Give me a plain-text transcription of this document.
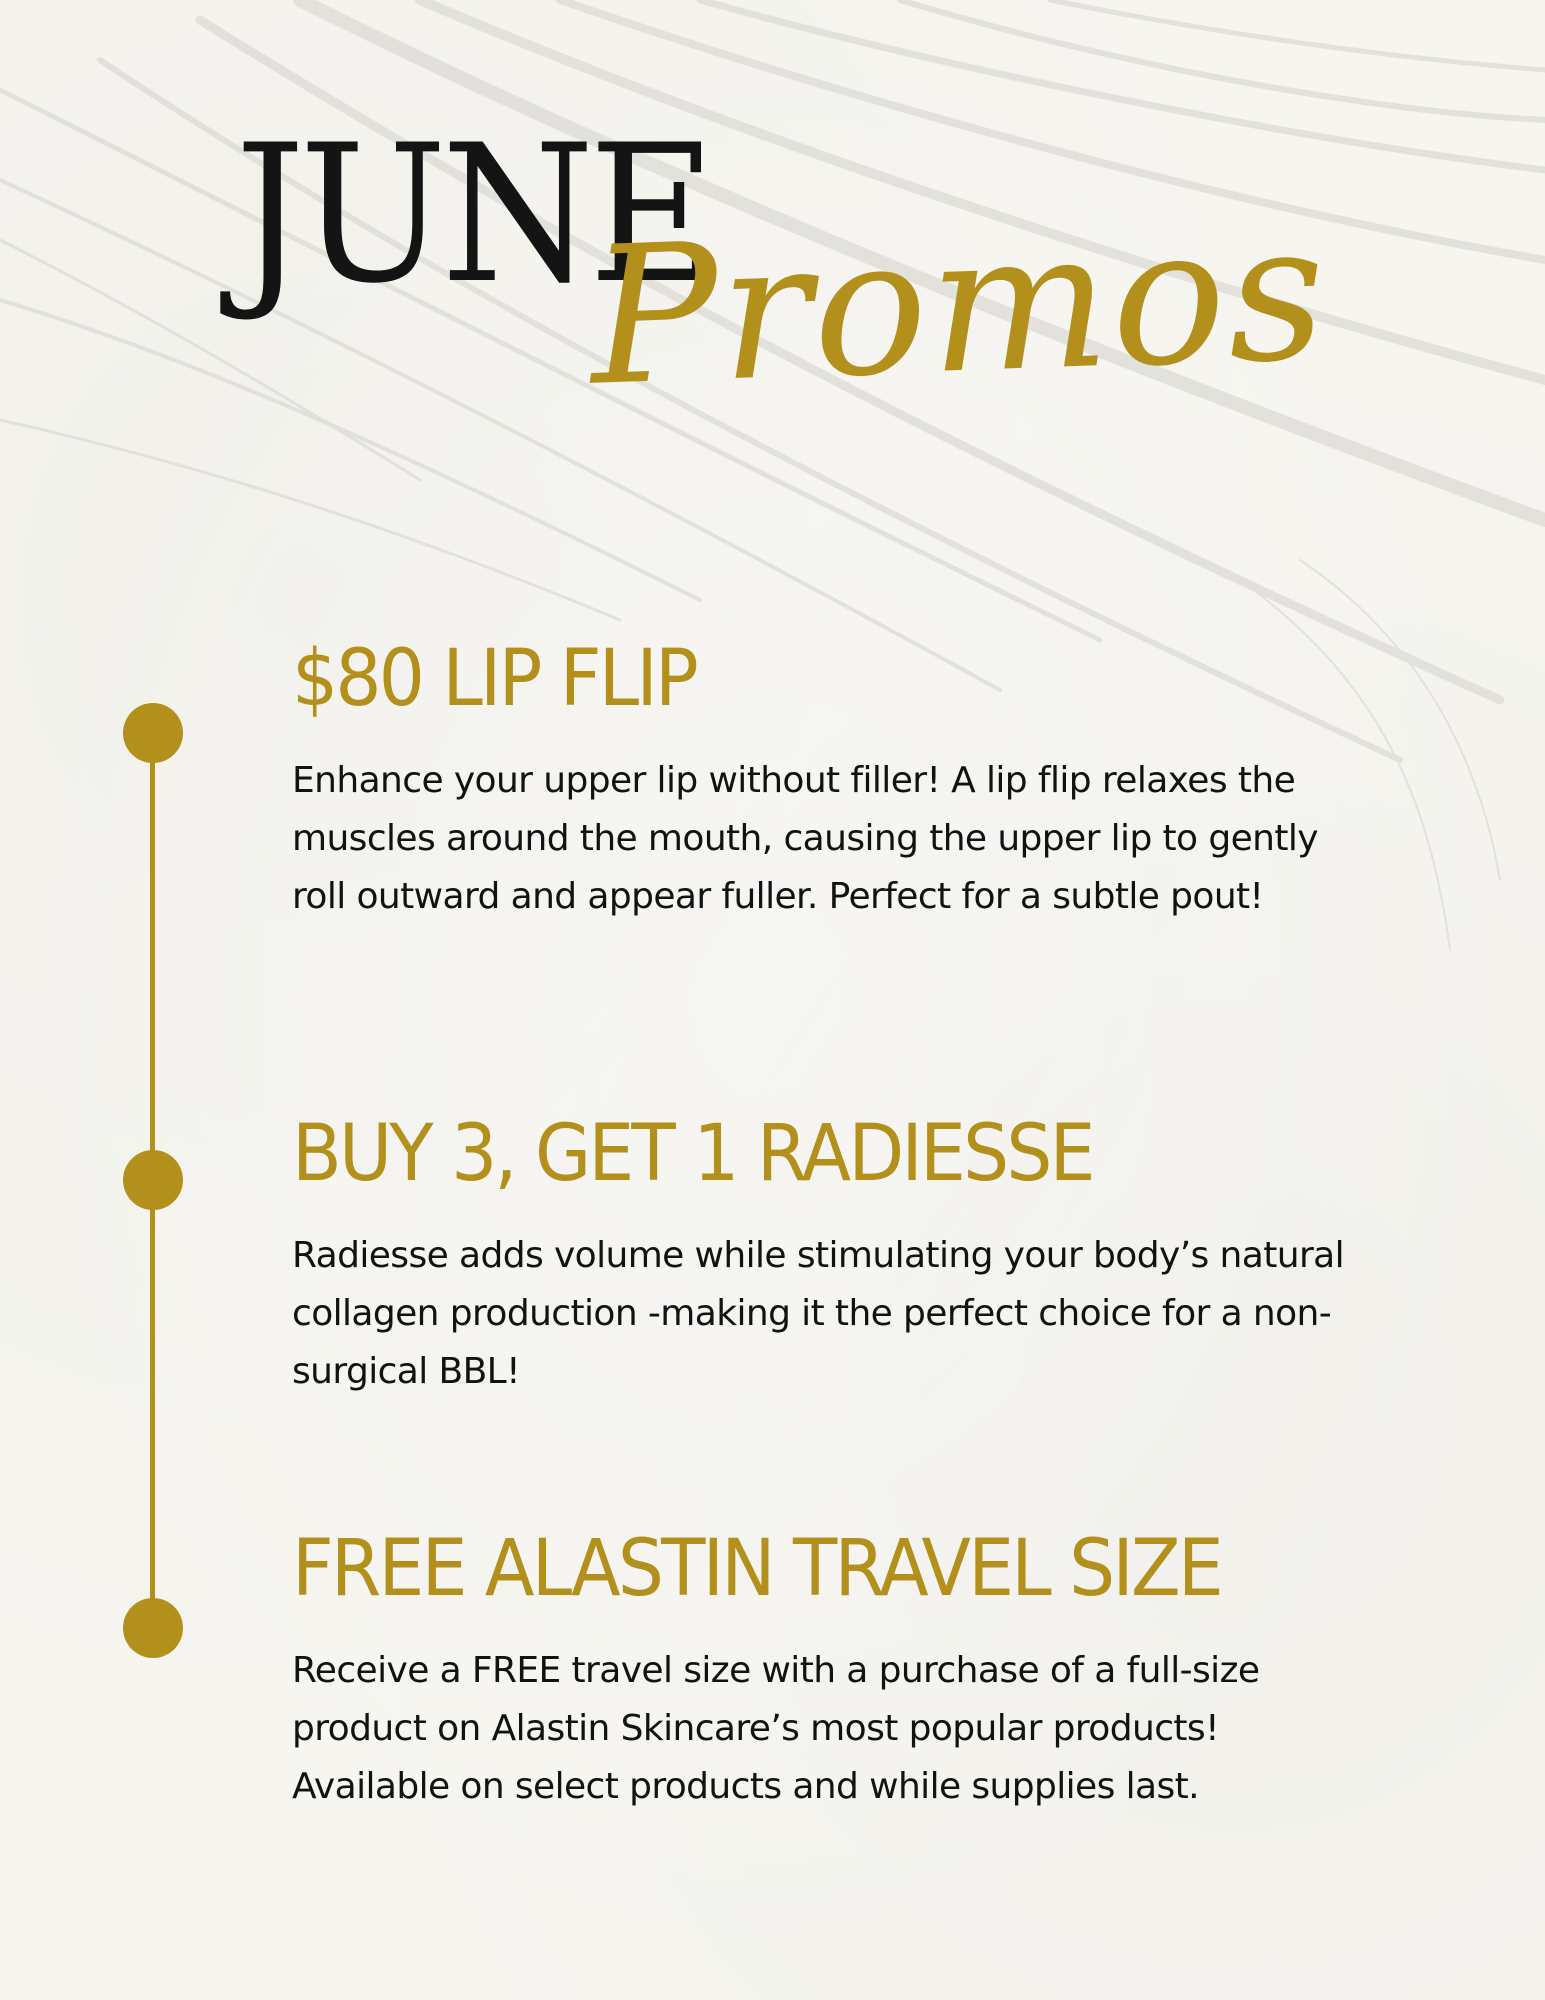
JUNE
Promos
$80 LIP FLIP

Enhance your upper lip without filler! A lip flip relaxes the muscles around the mouth, causing the upper lip to gently roll outward and appear fuller. Perfect for a subtle pout!

BUY 3, GET 1 RADIESSE

Radiesse adds volume while stimulating your body’s natural collagen production -making it the perfect choice for a non-surgical BBL!

FREE ALASTIN TRAVEL SIZE

Receive a FREE travel size with a purchase of a full-size product on Alastin Skincare’s most popular products! Available on select products and while supplies last.
